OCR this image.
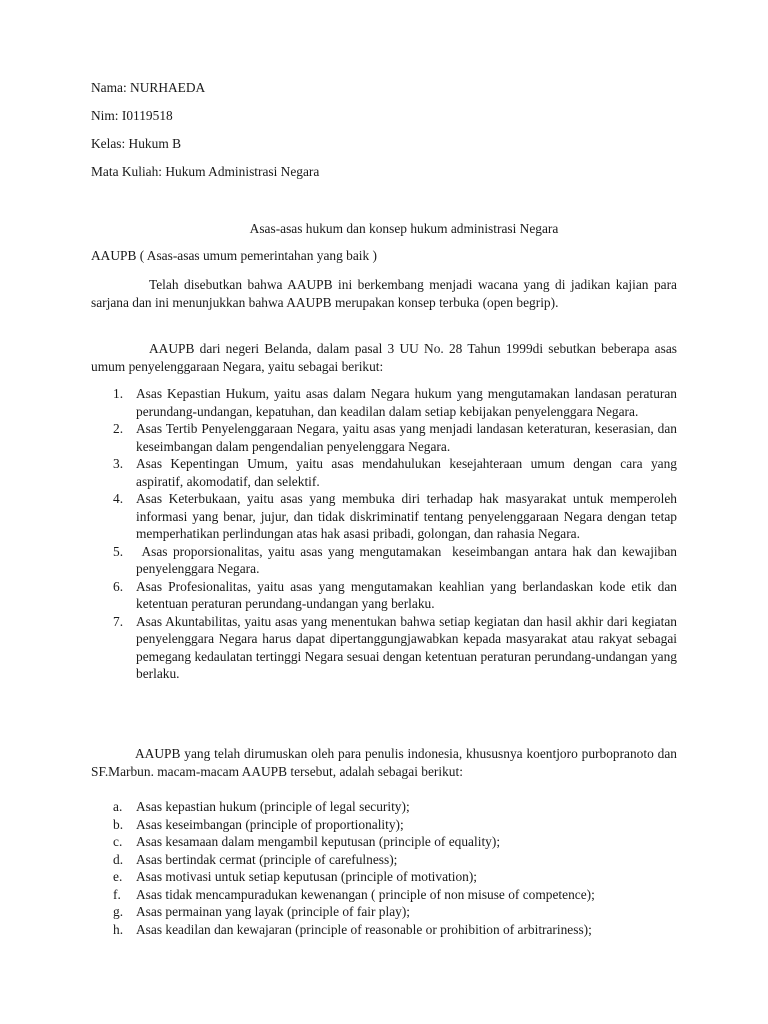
Nama: NURHAEDA
Nim: I0119518
Kelas: Hukum B
Mata Kuliah: Hukum Administrasi Negara
Asas-asas hukum dan konsep hukum administrasi Negara
AAUPB ( Asas-asas umum pemerintahan yang baik )

Telah disebutkan bahwa AAUPB ini berkembang menjadi wacana yang di jadikan kajian para sarjana dan ini menunjukkan bahwa AAUPB merupakan konsep terbuka (open begrip).

AAUPB dari negeri Belanda, dalam pasal 3 UU No. 28 Tahun 1999di sebutkan beberapa asas umum penyelenggaraan Negara, yaitu sebagai berikut:

1. Asas Kepastian Hukum, yaitu asas dalam Negara hukum yang mengutamakan landasan peraturan perundang-undangan, kepatuhan, dan keadilan dalam setiap kebijakan penyelenggara Negara.
2. Asas Tertib Penyelenggaraan Negara, yaitu asas yang menjadi landasan keteraturan, keserasian, dan keseimbangan dalam pengendalian penyelenggara Negara.
3. Asas Kepentingan Umum, yaitu asas mendahulukan kesejahteraan umum dengan cara yang aspiratif, akomodatif, dan selektif.
4. Asas Keterbukaan, yaitu asas yang membuka diri terhadap hak masyarakat untuk memperoleh informasi yang benar, jujur, dan tidak diskriminatif tentang penyelenggaraan Negara dengan tetap memperhatikan perlindungan atas hak asasi pribadi, golongan, dan rahasia Negara.
5. Asas proporsionalitas, yaitu asas yang mengutamakan  keseimbangan antara hak dan kewajiban penyelenggara Negara.
6. Asas Profesionalitas, yaitu asas yang mengutamakan keahlian yang berlandaskan kode etik dan ketentuan peraturan perundang-undangan yang berlaku.
7. Asas Akuntabilitas, yaitu asas yang menentukan bahwa setiap kegiatan dan hasil akhir dari kegiatan penyelenggara Negara harus dapat dipertanggungjawabkan kepada masyarakat atau rakyat sebagai pemegang kedaulatan tertinggi Negara sesuai dengan ketentuan peraturan perundang-undangan yang berlaku.

AAUPB yang telah dirumuskan oleh para penulis indonesia, khususnya koentjoro purbopranoto dan SF.Marbun. macam-macam AAUPB tersebut, adalah sebagai berikut:

a. Asas kepastian hukum (principle of legal security);
b. Asas keseimbangan (principle of proportionality);
c. Asas kesamaan dalam mengambil keputusan (principle of equality);
d. Asas bertindak cermat (principle of carefulness);
e. Asas motivasi untuk setiap keputusan (principle of motivation);
f. Asas tidak mencampuradukan kewenangan ( principle of non misuse of competence);
g. Asas permainan yang layak (principle of fair play);
h. Asas keadilan dan kewajaran (principle of reasonable or prohibition of arbitrariness);
